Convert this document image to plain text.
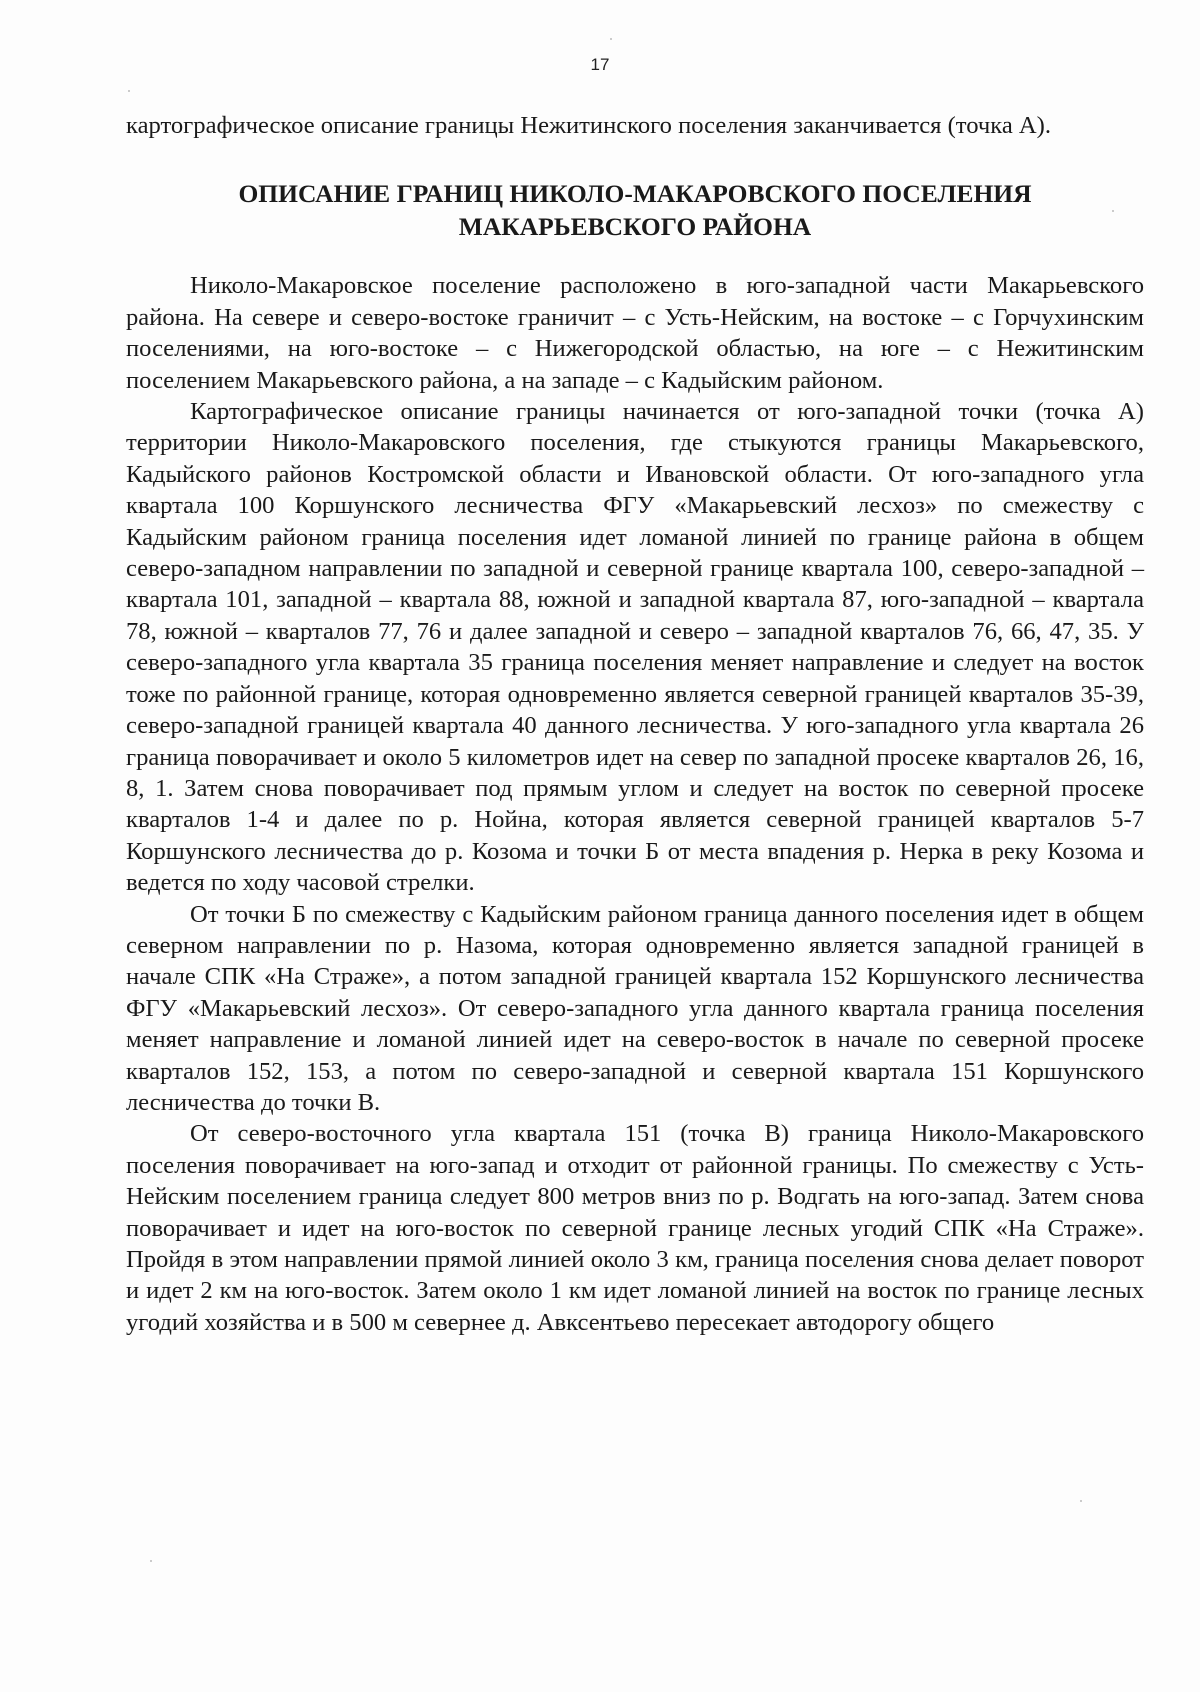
17

картографическое описание границы Нежитинского поселения заканчивается (точка А).

ОПИСАНИЕ ГРАНИЦ НИКОЛО-МАКАРОВСКОГО ПОСЕЛЕНИЯ
МАКАРЬЕВСКОГО РАЙОНА

Николо-Макаровское поселение расположено в юго-западной части Макарьевского района. На севере и северо-востоке граничит – с Усть-Нейским, на востоке – с Горчухинским поселениями, на юго-востоке – с Нижегородской областью, на юге – с Нежитинским поселением Макарьевского района, а на западе – с Кадыйским районом.

Картографическое описание границы начинается от юго-западной точки (точка А) территории Николо-Макаровского поселения, где стыкуются границы Макарьевского, Кадыйского районов Костромской области и Ивановской области. От юго-западного угла квартала 100 Коршунского лесничества ФГУ «Макарьевский лесхоз» по смежеству с Кадыйским районом граница поселения идет ломаной линией по границе района в общем северо-западном направлении по западной и северной границе квартала 100, северо-западной – квартала 101, западной – квартала 88, южной и западной квартала 87, юго-западной – квартала 78, южной – кварталов 77, 76 и далее западной и северо – западной кварталов 76, 66, 47, 35. У северо-западного угла квартала 35 граница поселения меняет направление и следует на восток тоже по районной границе, которая одновременно является северной границей кварталов 35-39, северо-западной границей квартала 40 данного лесничества. У юго-западного угла квартала 26 граница поворачивает и около 5 километров идет на север по западной просеке кварталов 26, 16, 8, 1. Затем снова поворачивает под прямым углом и следует на восток по северной просеке кварталов 1-4 и далее по р. Нойна, которая является северной границей кварталов 5-7 Коршунского лесничества до р. Козома и точки Б от места впадения р. Нерка в реку Козома и ведется по ходу часовой стрелки.

От точки Б по смежеству с Кадыйским районом граница данного поселения идет в общем северном направлении по р. Назома, которая одновременно является западной границей в начале СПК «На Страже», а потом западной границей квартала 152 Коршунского лесничества ФГУ «Макарьевский лесхоз». От северо-западного угла данного квартала граница поселения меняет направление и ломаной линией идет на северо-восток в начале по северной просеке кварталов 152, 153, а потом по северо-западной и северной квартала 151 Коршунского лесничества до точки В.

От северо-восточного угла квартала 151 (точка В) граница Николо-Макаровского поселения поворачивает на юго-запад и отходит от районной границы. По смежеству с Усть-Нейским поселением граница следует 800 метров вниз по р. Водгать на юго-запад. Затем снова поворачивает и идет на юго-восток по северной границе лесных угодий СПК «На Страже». Пройдя в этом направлении прямой линией около 3 км, граница поселения снова делает поворот и идет 2 км на юго-восток. Затем около 1 км идет ломаной линией на восток по границе лесных угодий хозяйства и в 500 м севернее д. Авксентьево пересекает автодорогу общего
